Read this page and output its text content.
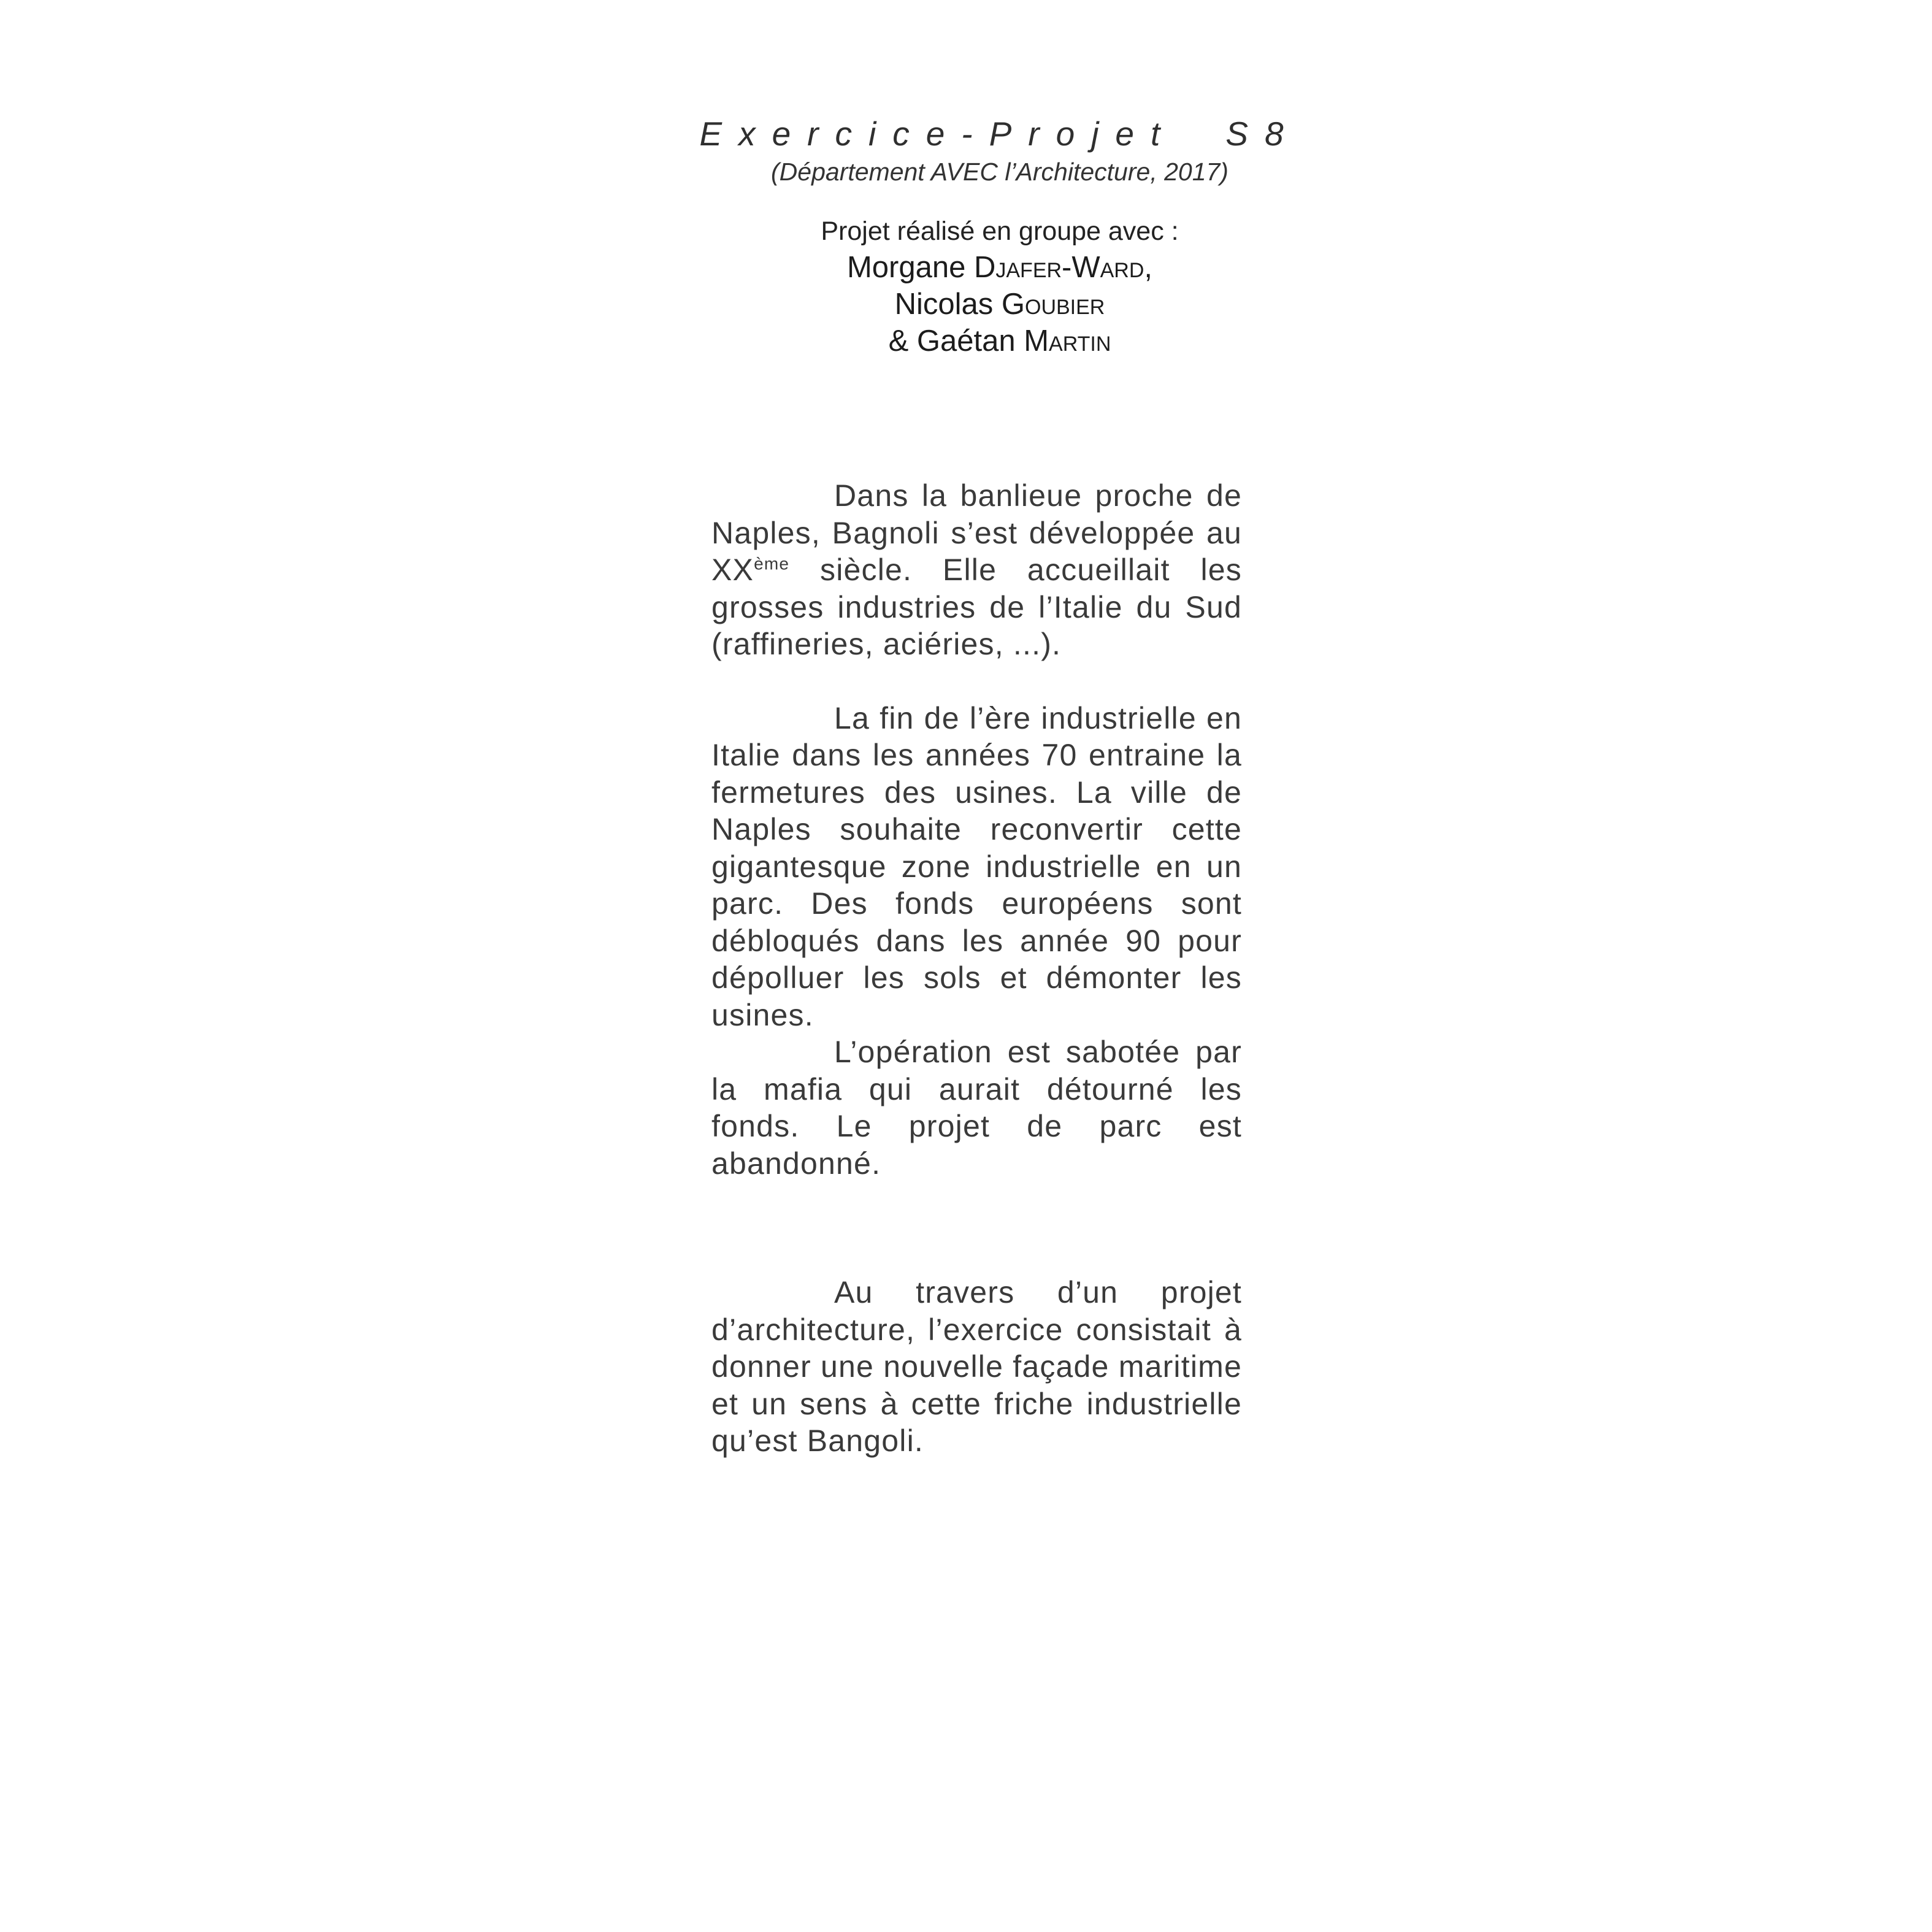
Exercice-Projet S8

(Département AVEC l’Architecture, 2017)

Projet réalisé en groupe avec :
Morgane Djafer-Ward,
Nicolas Goubier
& Gaétan Martin

Dans la banlieue proche de Naples, Bagnoli s’est développée au XXème siècle. Elle accueillait les grosses industries de l’Italie du Sud (raffineries, aciéries, ...).

La fin de l’ère industrielle en Italie dans les années 70 entraine la fermetures des usines. La ville de Naples souhaite reconvertir cette gigantesque zone industrielle en un parc. Des fonds européens sont débloqués dans les année 90 pour dépolluer les sols et démonter les usines.

L’opération est sabotée par la mafia qui aurait détourné les fonds. Le projet de parc est abandonné.

Au travers d’un projet d’architecture, l’exercice consistait à donner une nouvelle façade maritime et un sens à cette friche industrielle qu’est Bangoli.
